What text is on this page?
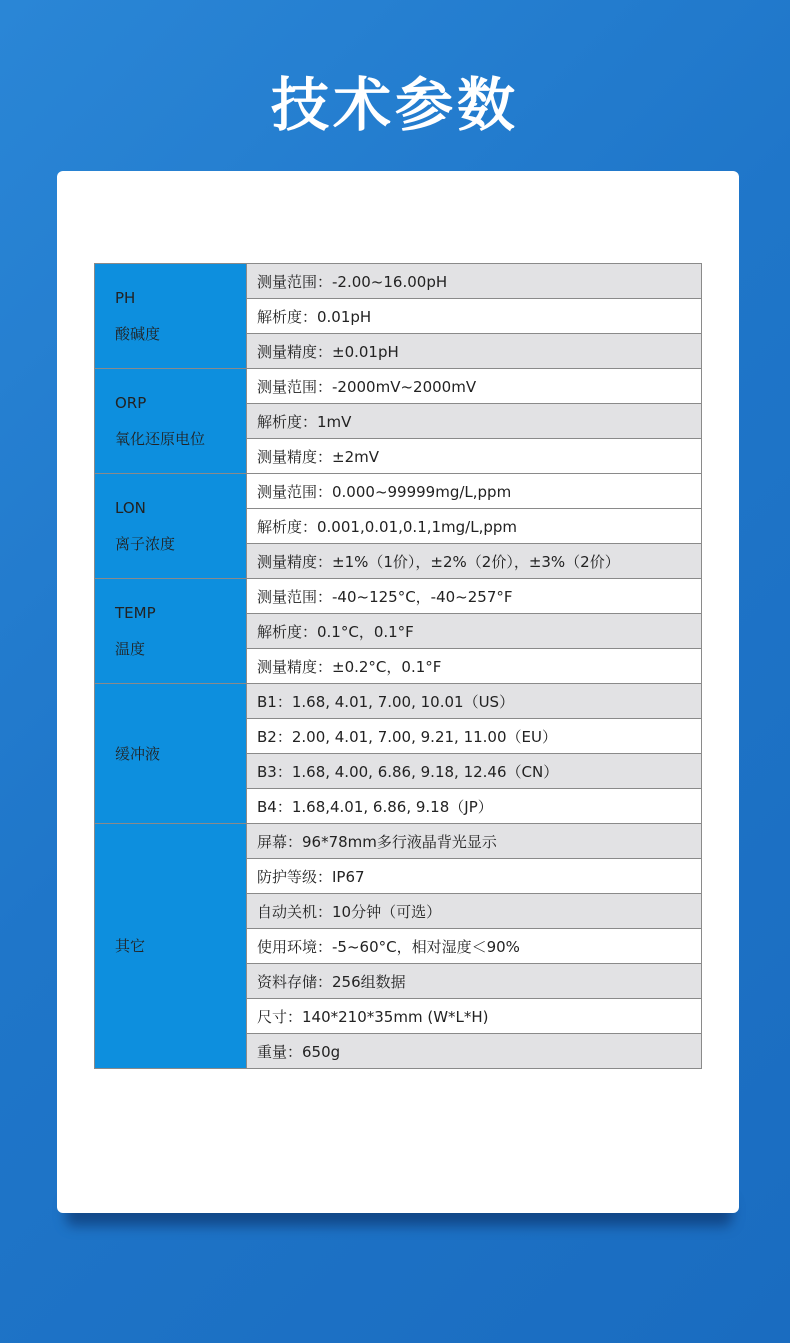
技术参数
PH
酸碱度	测量范围：-2.00~16.00pH
	解析度：0.01pH
	测量精度：±0.01pH

ORP
氧化还原电位	测量范围：-2000mV~2000mV
	解析度：1mV
	测量精度：±2mV

LON
离子浓度	测量范围：0.000~99999mg/L,ppm
	解析度：0.001,0.01,0.1,1mg/L,ppm
	测量精度：±1%（1价），±2%（2价），±3%（2价）

TEMP
温度	测量范围：-40~125°C，-40~257°F
	解析度：0.1°C，0.1°F
	测量精度：±0.2°C，0.1°F

缓冲液	B1：1.68, 4.01, 7.00, 10.01（US）
	B2：2.00, 4.01, 7.00, 9.21, 11.00（EU）
	B3：1.68, 4.00, 6.86, 9.18, 12.46（CN）
	B4：1.68,4.01, 6.86, 9.18（JP）

其它	屏幕：96*78mm多行液晶背光显示
	防护等级：IP67
	自动关机：10分钟（可选）
	使用环境：-5~60°C，相对湿度＜90%
	资料存储：256组数据
	尺寸：140*210*35mm (W*L*H)
	重量：650g
